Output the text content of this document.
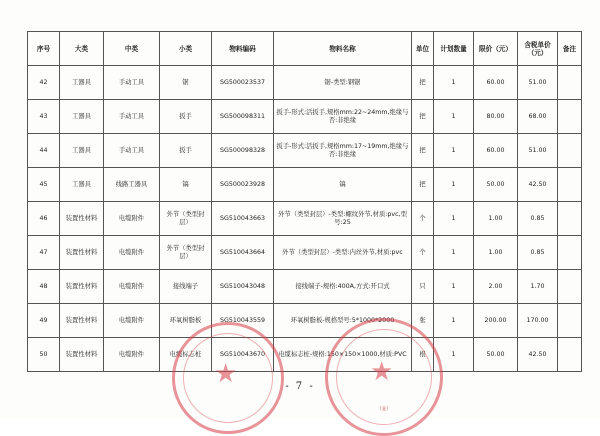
序号	大类	中类	小类	物料编码	物料名称	单位	计划数量	限价（元）	含税单价（元）	备注
42	工器具	手动工具	锯	SG500023537	锯-类型:钢锯	把	1	60.00	51.00	
43	工器具	手动工具	扳手	SG500098311	扳手-形式:活扳手,规格mm:22~24mm,绝缘与否:非绝缘	把	1	80.00	68.00	
44	工器具	手动工具	扳手	SG500098328	扳手-形式:活扳手,规格mm:17~19mm,绝缘与否:非绝缘	把	1	60.00	51.00	
45	工器具	线路工器具	镐	SG500023928	镐	把	1	50.00	42.50	
46	装置性材料	电缆附件	外节（类型封层）	SG510043663	外节（类型封层）-类型:螺纹外节,材质:pvc,型号:25	个	1	1.00	0.85	
47	装置性材料	电缆附件	外节（类型封层）	SG510043664	外节（类型封层）-类型:内丝外节,材质:pvc	个	1	1.00	0.85	
48	装置性材料	电缆附件	接线端子	SG510043048	接线端子-规格:400A,方式:开口式	只	1	2.00	1.70	
49	装置性材料	电缆附件	环氧树脂板	SG510043559	环氧树脂板-规格型号:5*1000*2000	张	1	200.00	170.00	
50	装置性材料	电缆附件	电缆标志桩	SG510043670	电缆标志桩-规格:150×150×1000,材质:PVC	根	1	50.00	42.50	
★	★
（8）
- 7 -
